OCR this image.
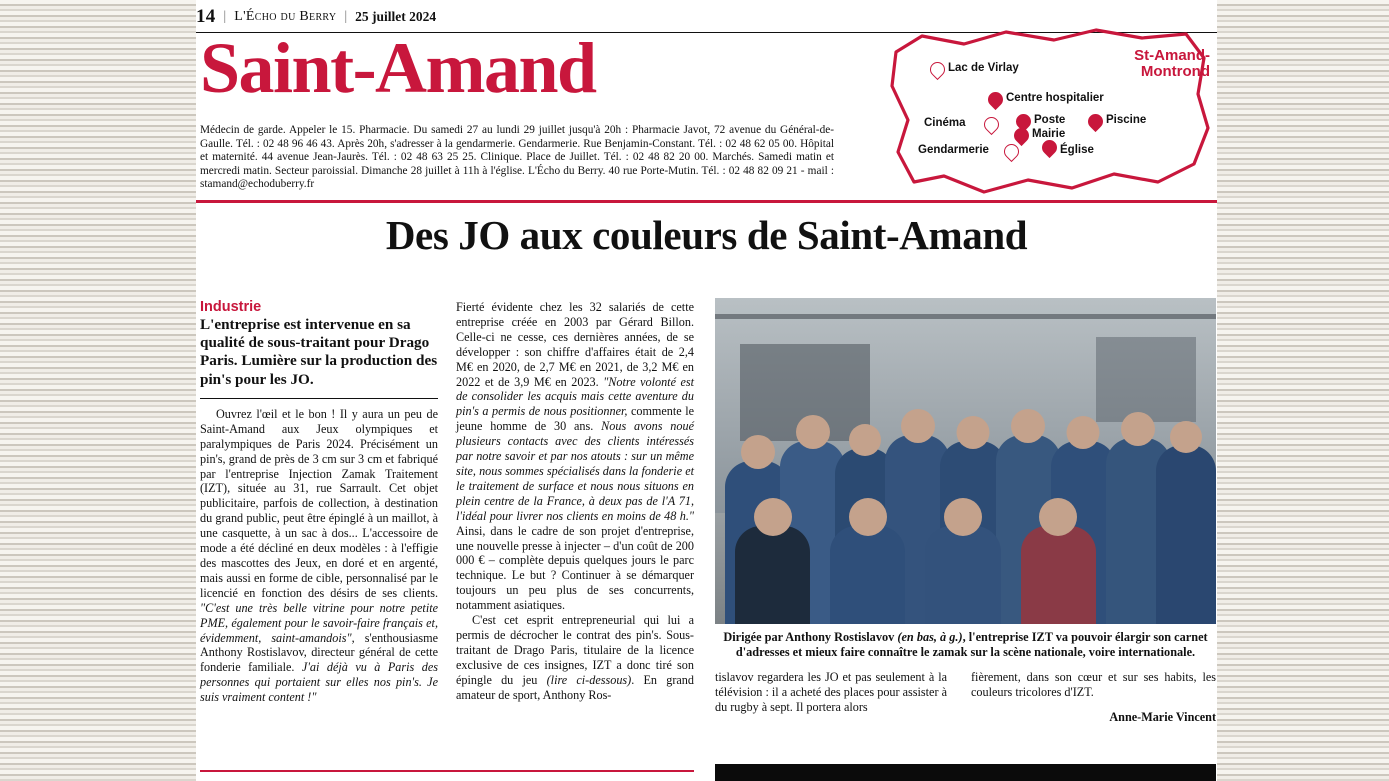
14 | L'Écho du Berry | 25 juillet 2024
Saint-Amand
Médecin de garde. Appeler le 15. Pharmacie. Du samedi 27 au lundi 29 juillet jusqu'à 20h : Pharmacie Javot, 72 avenue du Général-de-Gaulle. Tél. : 02 48 96 46 43. Après 20h, s'adresser à la gendarmerie. Gendarmerie. Rue Benjamin-Constant. Tél. : 02 48 62 05 00. Hôpital et maternité. 44 avenue Jean-Jaurès. Tél. : 02 48 63 25 25. Clinique. Place de Juillet. Tél. : 02 48 82 20 00. Marchés. Samedi matin et mercredi matin. Secteur paroissial. Dimanche 28 juillet à 11h à l'église. L'Écho du Berry. 40 rue Porte-Mutin. Tél. : 02 48 82 09 21 - mail : stamand@echoduberry.fr
St-Amand-
Montrond
Lac de Virlay
Centre hospitalier
Cinéma	Poste	Piscine
Mairie
Gendarmerie	Église
Des JO aux couleurs de Saint-Amand
Industrie
L'entreprise est intervenue en sa qualité de sous-traitant pour Drago Paris. Lumière sur la production des pin's pour les JO.

Ouvrez l'œil et le bon ! Il y aura un peu de Saint-Amand aux Jeux olympiques et paralympiques de Paris 2024. Précisément un pin's, grand de près de 3 cm sur 3 cm et fabriqué par l'entreprise Injection Zamak Traitement (IZT), située au 31, rue Sarrault. Cet objet publicitaire, parfois de collection, à destination du grand public, peut être épinglé à un maillot, à une casquette, à un sac à dos... L'accessoire de mode a été décliné en deux modèles : à l'effigie des mascottes des Jeux, en doré et en argenté, mais aussi en forme de cible, personnalisé par le licencié en fonction des désirs de ses clients. "C'est une très belle vitrine pour notre petite PME, également pour le savoir-faire français et, évidemment, saint-amandois", s'enthousiasme Anthony Rostislavov, directeur général de cette fonderie familiale. J'ai déjà vu à Paris des personnes qui portaient sur elles nos pin's. Je suis vraiment content !"

Fierté évidente chez les 32 salariés de cette entreprise créée en 2003 par Gérard Billon. Celle-ci ne cesse, ces dernières années, de se développer : son chiffre d'affaires était de 2,4 M€ en 2020, de 2,7 M€ en 2021, de 3,2 M€ en 2022 et de 3,9 M€ en 2023. "Notre volonté est de consolider les acquis mais cette aventure du pin's a permis de nous positionner, commente le jeune homme de 30 ans. Nous avons noué plusieurs contacts avec des clients intéressés par notre savoir et par nos atouts : sur un même site, nous sommes spécialisés dans la fonderie et le traitement de surface et nous nous situons en plein centre de la France, à deux pas de l'A 71, l'idéal pour livrer nos clients en moins de 48 h." Ainsi, dans le cadre de son projet d'entreprise, une nouvelle presse à injecter – d'un coût de 200 000 € – complète depuis quelques jours le parc technique. Le but ? Continuer à se démarquer toujours un peu plus de ses concurrents, notamment asiatiques.

C'est cet esprit entrepreneurial qui lui a permis de décrocher le contrat des pin's. Sous-traitant de Drago Paris, titulaire de la licence exclusive de ces insignes, IZT a donc tiré son épingle du jeu (lire ci-dessous). En grand amateur de sport, Anthony Ros-

Dirigée par Anthony Rostislavov (en bas, à g.), l'entreprise IZT va pouvoir élargir son carnet d'adresses et mieux faire connaître le zamak sur la scène nationale, voire internationale.

tislavov regardera les JO et pas seulement à la télévision : il a acheté des places pour assister à du rugby à sept. Il portera alors

fièrement, dans son cœur et sur ses habits, les couleurs tricolores d'IZT.

Anne-Marie Vincent
